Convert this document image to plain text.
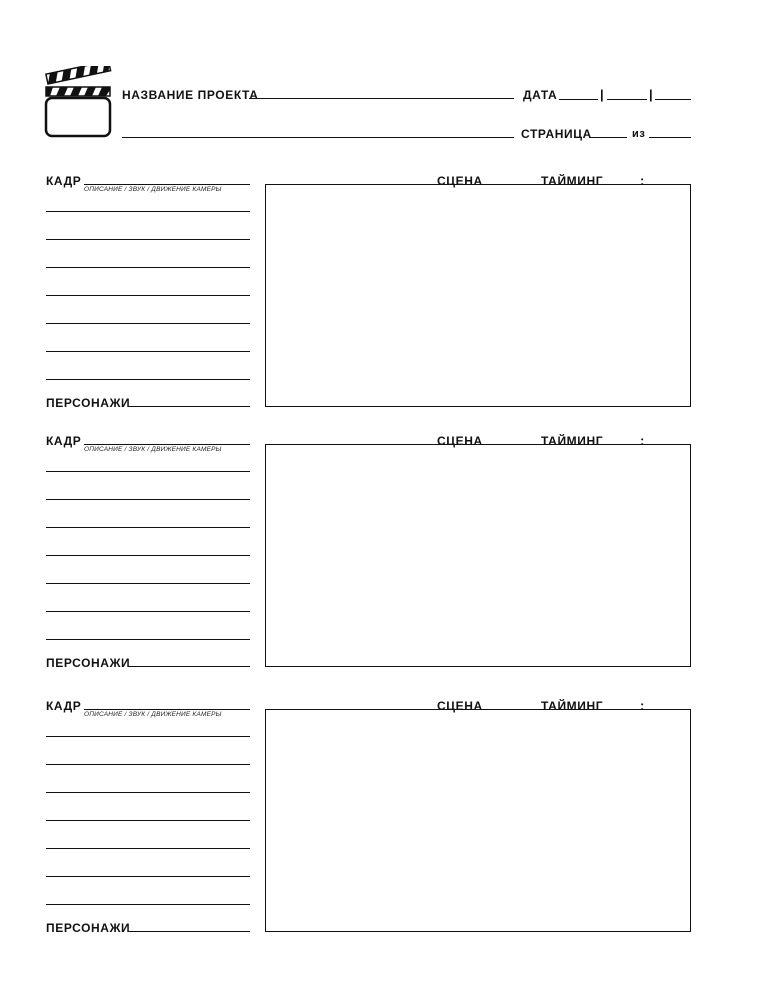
НАЗВАНИЕ ПРОЕКТА	ДАТА	|	|
СТРАНИЦА	из
КАДР
ОПИСАНИЕ / ЗВУК / ДВИЖЕНИЕ КАМЕРЫ
ПЕРСОНАЖИ
СЦЕНА	ТАЙМИНГ	:
КАДР
ОПИСАНИЕ / ЗВУК / ДВИЖЕНИЕ КАМЕРЫ
ПЕРСОНАЖИ
СЦЕНА	ТАЙМИНГ	:
КАДР
ОПИСАНИЕ / ЗВУК / ДВИЖЕНИЕ КАМЕРЫ
ПЕРСОНАЖИ
СЦЕНА	ТАЙМИНГ	:
